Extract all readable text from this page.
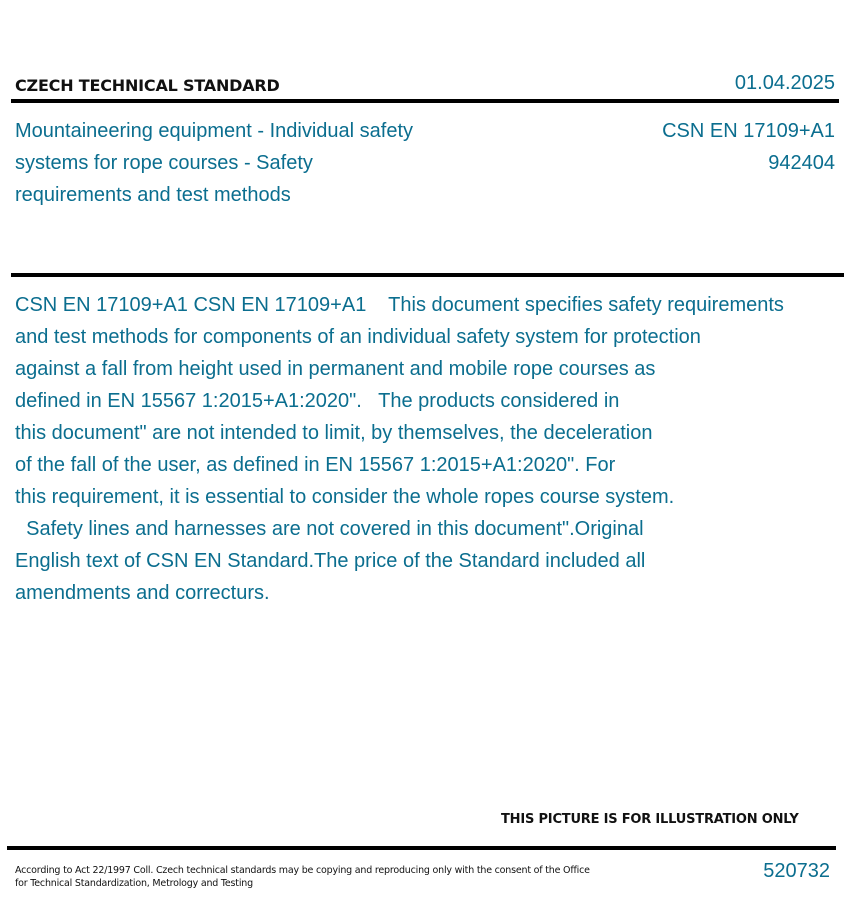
CZECH TECHNICAL STANDARD	01.04.2025
Mountaineering equipment - Individual safety systems for rope courses - Safety requirements and test methods
CSN EN 17109+A1
942404
CSN EN 17109+A1 CSN EN 17109+A1    This document specifies safety requirements
and test methods for components of an individual safety system for protection
against a fall from height used in permanent and mobile rope courses as
defined in EN 15567 1:2015+A1:2020".   The products considered in
this document" are not intended to limit, by themselves, the deceleration
of the fall of the user, as defined in EN 15567 1:2015+A1:2020". For
this requirement, it is essential to consider the whole ropes course system.
Safety lines and harnesses are not covered in this document".Original
English text of CSN EN Standard.The price of the Standard included all
amendments and correcturs.
THIS PICTURE IS FOR ILLUSTRATION ONLY
According to Act 22/1997 Coll. Czech technical standards may be copying and reproducing only with the consent of the Office
for Technical Standardization, Metrology and Testing
520732
